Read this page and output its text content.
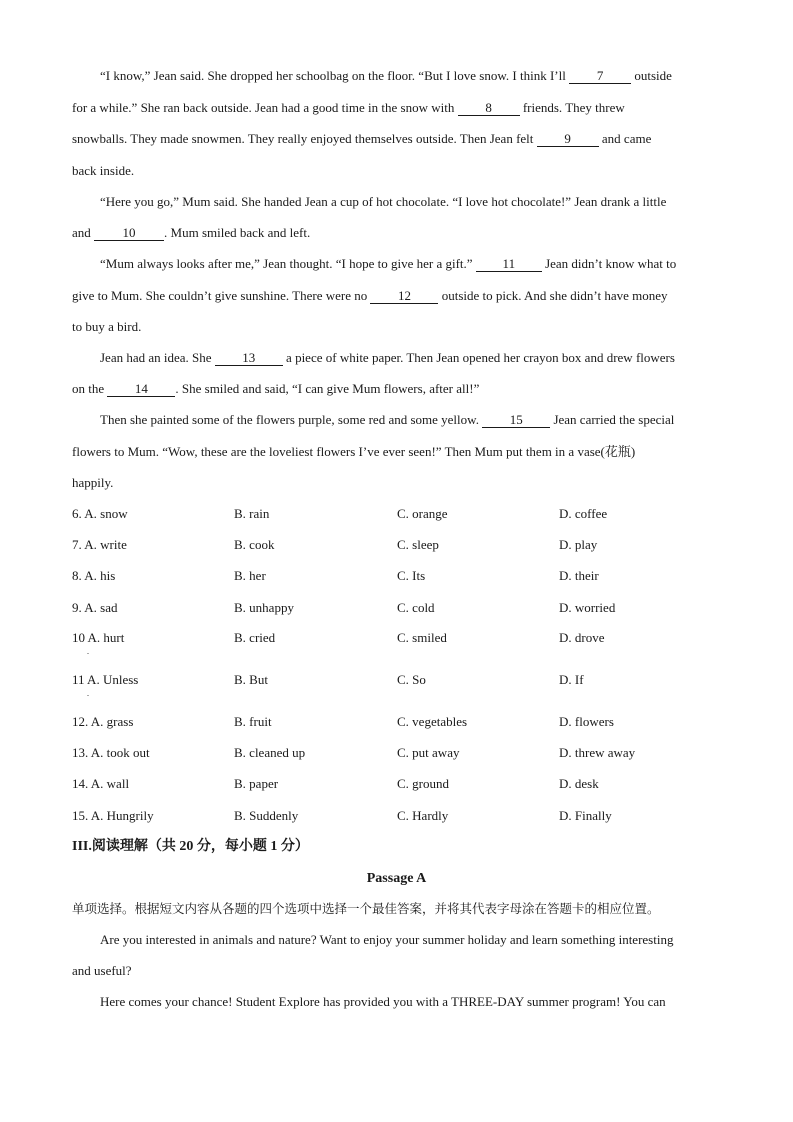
“I know,” Jean said. She dropped her schoolbag on the floor. “But I love snow. I think I’ll 7 outside
for a while.” She ran back outside. Jean had a good time in the snow with 8 friends. They threw
snowballs. They made snowmen. They really enjoyed themselves outside. Then Jean felt 9 and came
back inside.
“Here you go,” Mum said. She handed Jean a cup of hot chocolate. “I love hot chocolate!” Jean drank a little
and 10 . Mum smiled back and left.
“Mum always looks after me,” Jean thought. “I hope to give her a gift.” 11 Jean didn’t know what to
give to Mum. She couldn’t give sunshine. There were no 12 outside to pick. And she didn’t have money
to buy a bird.
Jean had an idea. She 13 a piece of white paper. Then Jean opened her crayon box and drew flowers
on the 14 . She smiled and said, “I can give Mum flowers, after all!”
Then she painted some of the flowers purple, some red and some yellow. 15 Jean carried the special
flowers to Mum. “Wow, these are the loveliest flowers I’ve ever seen!” Then Mum put them in a vase(花瓶)
happily.
6. A. snow	B. rain	C. orange	D. coffee
7. A. write	B. cook	C. sleep	D. play
8. A. his	B. her	C. Its	D. their
9. A. sad	B. unhappy	C. cold	D. worried
10 A. hurt	B. cried	C. smiled	D. drove
.
11 A. Unless	B. But	C. So	D. If
.
12. A. grass	B. fruit	C. vegetables	D. flowers
13. A. took out	B. cleaned up	C. put away	D. threw away
14. A. wall	B. paper	C. ground	D. desk
15. A. Hungrily	B. Suddenly	C. Hardly	D. Finally
III.阅读理解（共 20 分，每小题 1 分）
Passage A
单项选择。根据短文内容从各题的四个选项中选择一个最佳答案，并将其代表字母涂在答题卡的相应位置。
Are you interested in animals and nature? Want to enjoy your summer holiday and learn something interesting
and useful?
Here comes your chance! Student Explore has provided you with a THREE-DAY summer program! You can
